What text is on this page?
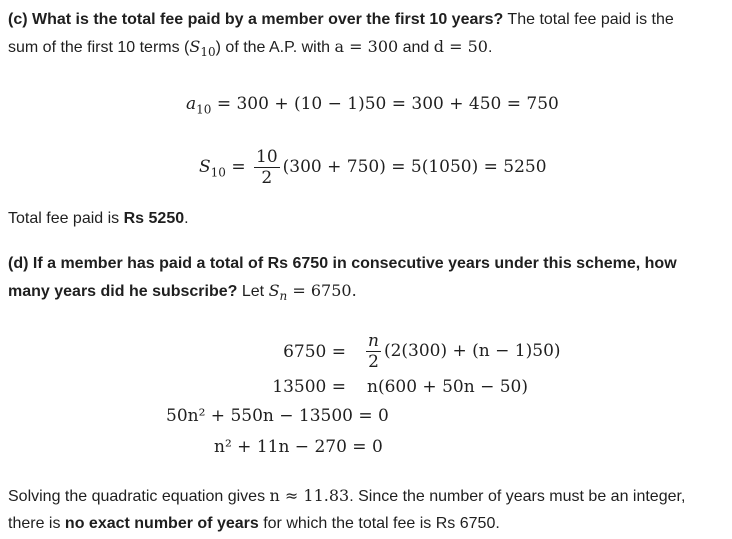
(c) What is the total fee paid by a member over the first 10 years? The total fee paid is the
sum of the first 10 terms $(S_{10})$ of the A.P. with a = 300 and d = 50.
$a_{10} = 300 + (10 - 1)50 = 300 + 450 = 750$
$S_{10} = \frac{10}{2} (300 + 750) = 5(1050) = 5250$
Total fee paid is Rs 5250.
(d) If a member has paid a total of Rs 6750 in consecutive years under this scheme, how
many years did he subscribe? Let $S_n = 6750$.
$6750 = \frac{n}{2} (2(300) + (n - 1)50)$
13500 = n(600 + 50n − 50)
50n² + 550n − 13500 = 0
n² + 11n − 270 = 0
Solving the quadratic equation gives n ≈ 11.83. Since the number of years must be an integer,
there is no exact number of years for which the total fee is Rs 6750.
